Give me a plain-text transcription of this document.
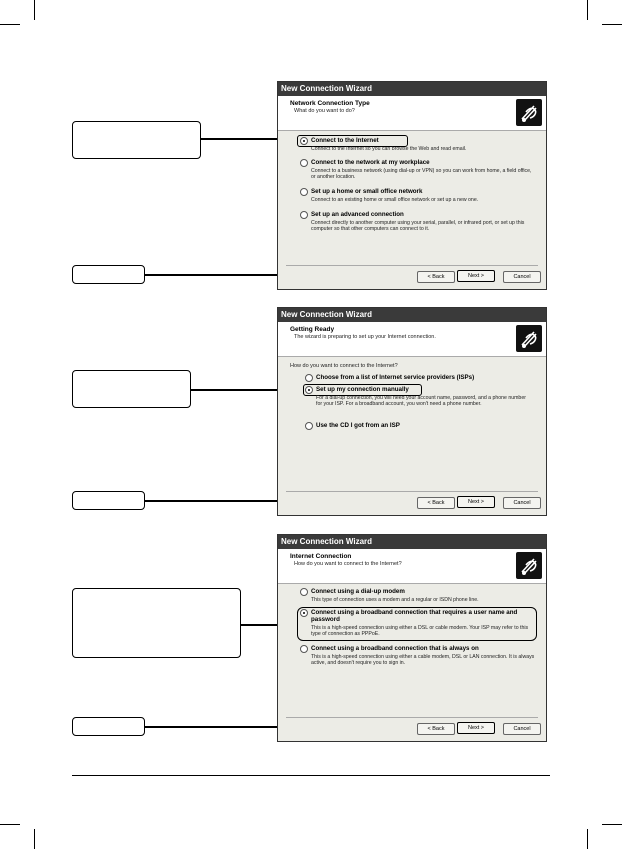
New Connection Wizard
Network Connection Type
What do you want to do?
Connect to the Internet
Connect to the Internet so you can browse the Web and read email.
Connect to the network at my workplace
Connect to a business network (using dial-up or VPN) so you can work from home, a field office, or another location.
Set up a home or small office network
Connect to an existing home or small office network or set up a new one.
Set up an advanced connection
Connect directly to another computer using your serial, parallel, or infrared port, or set up this computer so that other computers can connect to it.
< Back	Next >	Cancel
New Connection Wizard
Getting Ready
The wizard is preparing to set up your Internet connection.
How do you want to connect to the Internet?
Choose from a list of Internet service providers (ISPs)
Set up my connection manually
For a dial-up connection, you will need your account name, password, and a phone number for your ISP. For a broadband account, you won't need a phone number.
Use the CD I got from an ISP
< Back	Next >	Cancel
New Connection Wizard
Internet Connection
How do you want to connect to the Internet?
Connect using a dial-up modem
This type of connection uses a modem and a regular or ISDN phone line.
Connect using a broadband connection that requires a user name and password
This is a high-speed connection using either a DSL or cable modem. Your ISP may refer to this type of connection as PPPoE.
Connect using a broadband connection that is always on
This is a high-speed connection using either a cable modem, DSL or LAN connection. It is always active, and doesn't require you to sign in.
< Back	Next >	Cancel
